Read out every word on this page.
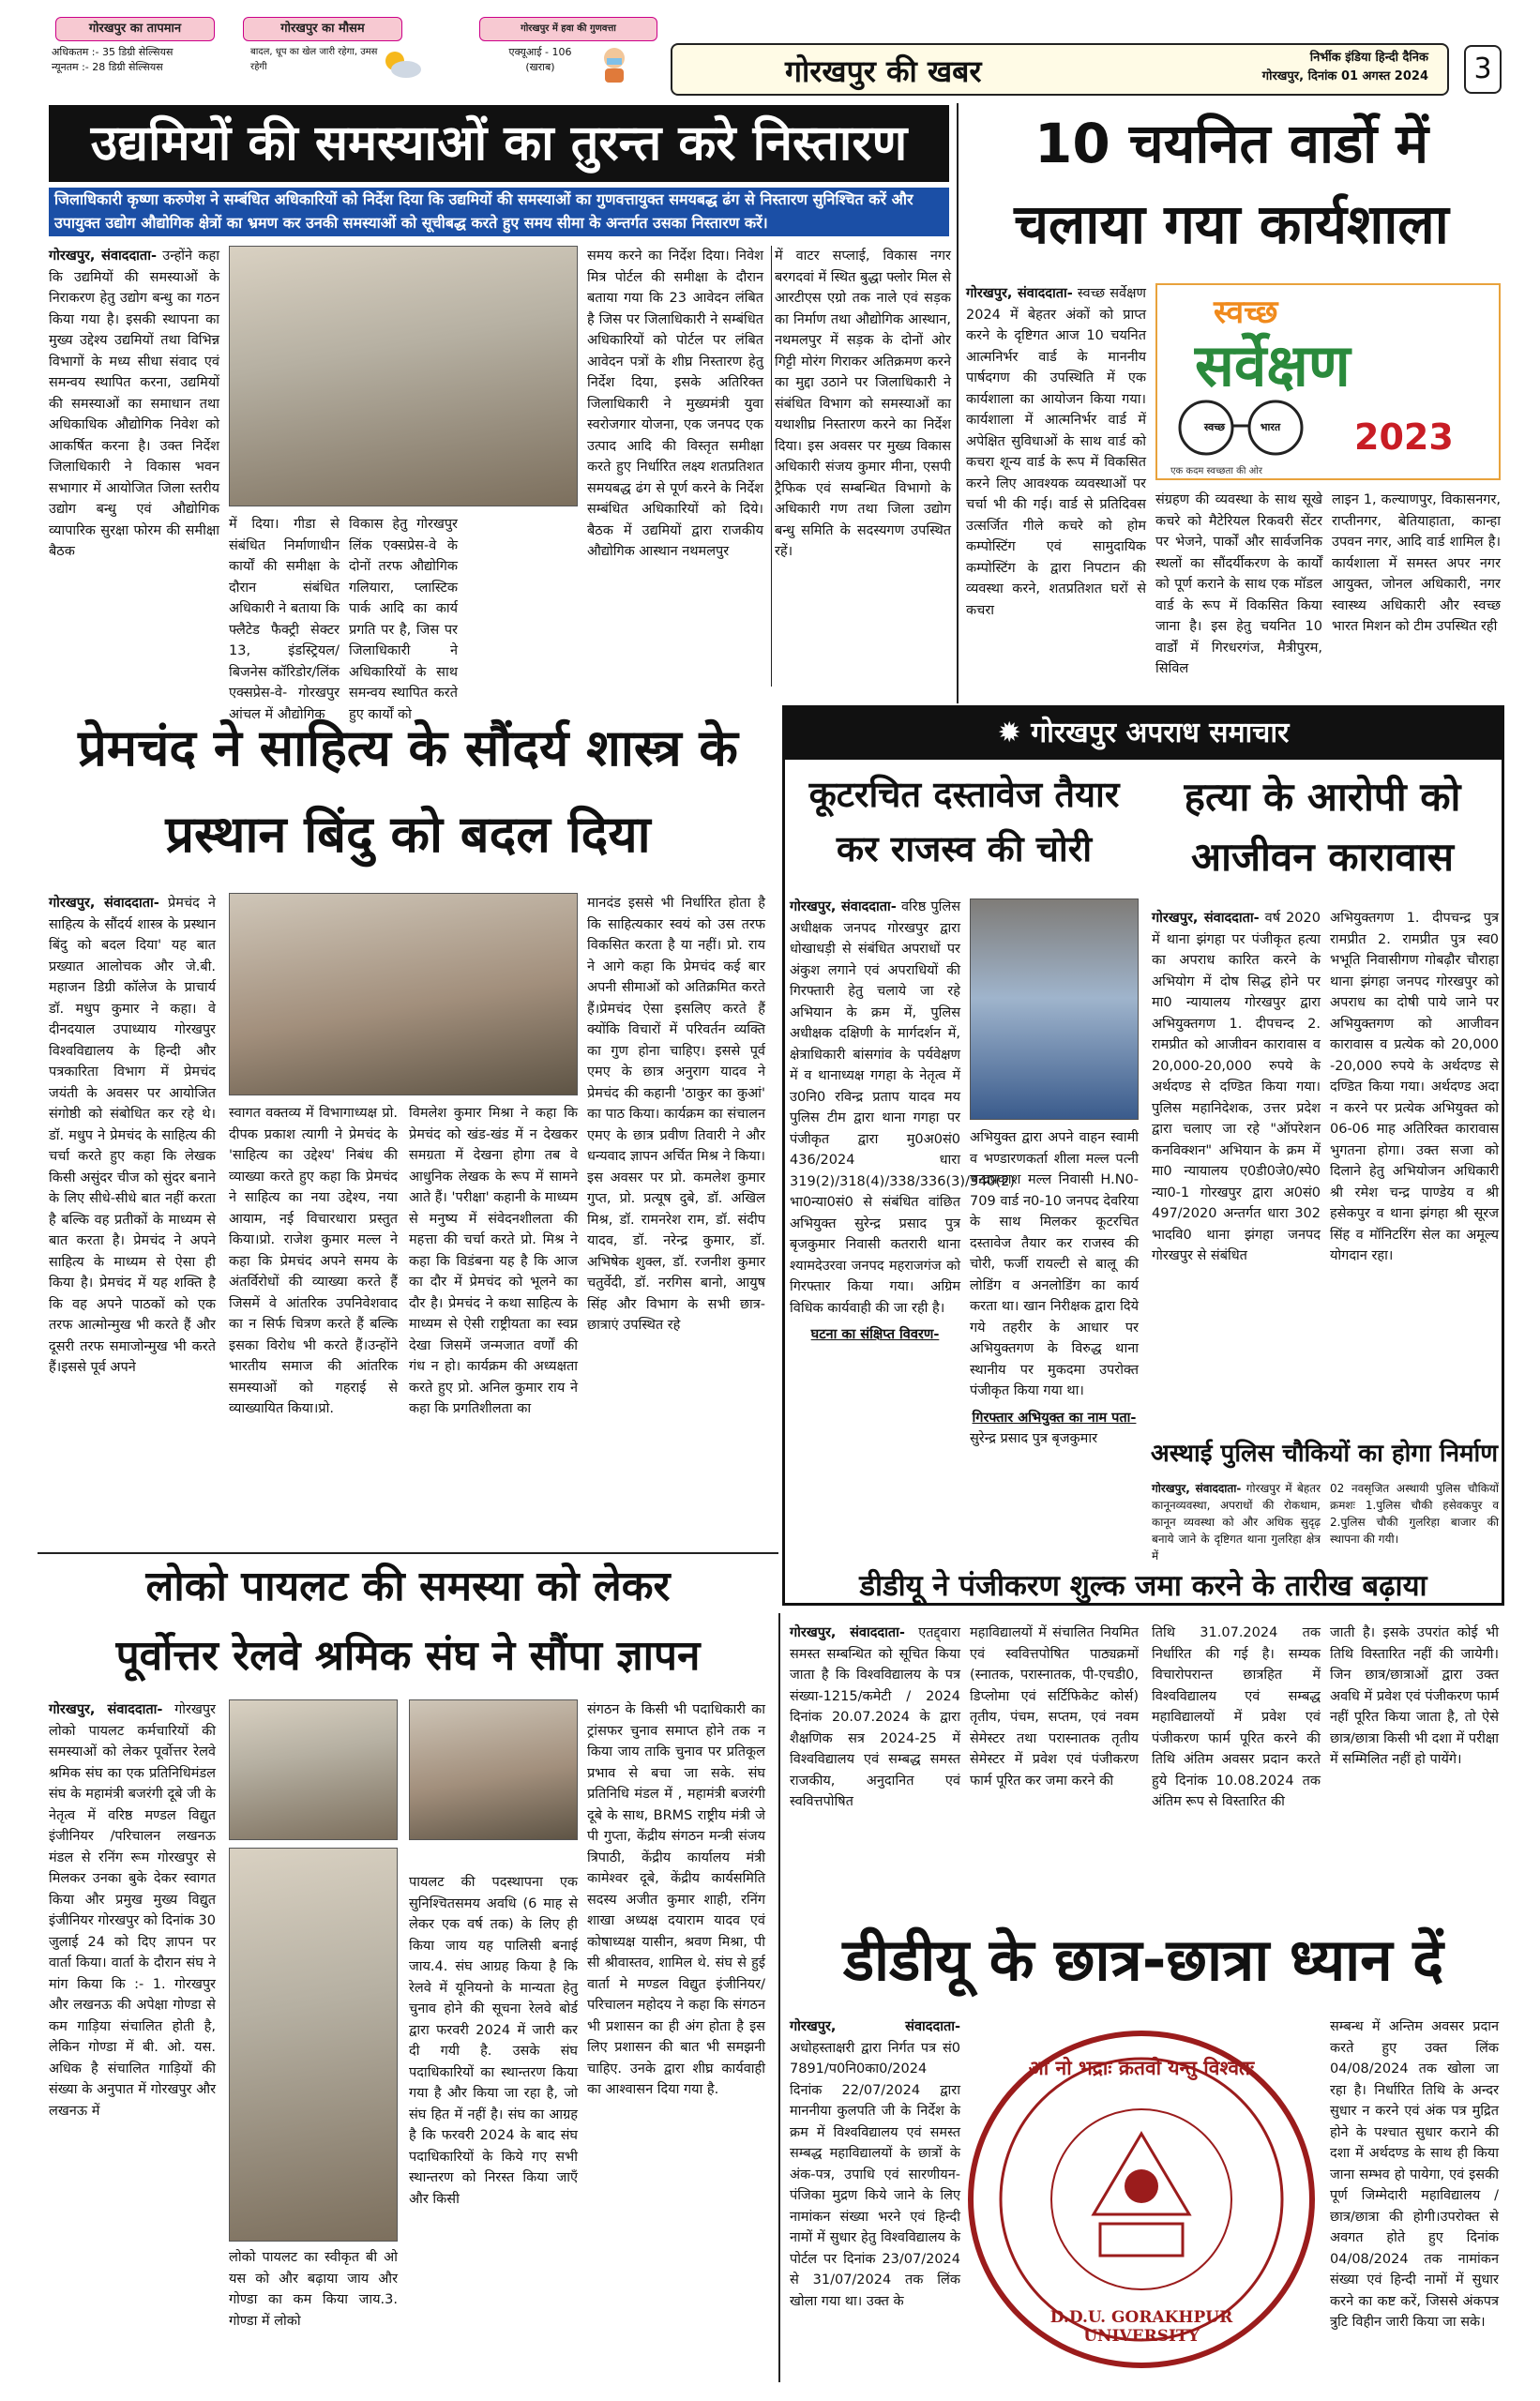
गोरखपुर का तापमान	गोरखपुर का मौसम	गोरखपुर में हवा की गुणवत्ता
अधिकतम :- 35 डिग्री सेल्सियस
न्यूनतम :- 28 डिग्री सेल्सियस
बादल, धूप का खेल जारी रहेगा, उमस रहेगी
एक्यूआई - 106
(खराब)	गोरखपुर की खबर	निर्भीक इंडिया हिन्दी दैनिक
गोरखपुर, दिनांक 01 अगस्त 2024	3
उद्यमियों की समस्याओं का तुरन्त करे निस्तारण
जिलाधिकारी कृष्णा करुणेश ने सम्बंधित अधिकारियों को निर्देश दिया कि उद्यमियों की समस्याओं का गुणवत्तायुक्त समयबद्ध ढंग से निस्तारण सुनिश्चित करें और उपायुक्त उद्योग औद्योगिक क्षेत्रों का भ्रमण कर उनकी समस्याओं को सूचीबद्ध करते हुए समय सीमा के अन्तर्गत उसका निस्तारण करें।
गोरखपुर, संवाददाता- उन्होंने कहा कि उद्यमियों की समस्याओं के निराकरण हेतु उद्योग बन्धु का गठन किया गया है। इसकी स्थापना का मुख्य उद्देश्य उद्यमियों तथा विभिन्न विभागों के मध्य सीधा संवाद एवं समन्वय स्थापित करना, उद्यमियों की समस्याओं का समाधान तथा अधिकाधिक औद्योगिक निवेश को आकर्षित करना है। उक्त निर्देश जिलाधिकारी ने विकास भवन सभागार में आयोजित जिला स्तरीय उद्योग बन्धु एवं औद्योगिक व्यापारिक सुरक्षा फोरम की समीक्षा बैठक
में दिया। गीडा से संबंधित निर्माणाधीन कार्यों की समीक्षा के दौरान संबंधित अधिकारी ने बताया कि फ्लैटेड फैक्ट्री सेक्टर 13, इंडस्ट्रियल/बिजनेस कॉरिडोर/लिंक एक्सप्रेस-वे- गोरखपुर आंचल में औद्योगिक
विकास हेतु गोरखपुर लिंक एक्सप्रेस-वे के दोनों तरफ औद्योगिक गलियारा, प्लास्टिक पार्क आदि का कार्य प्रगति पर है, जिस पर जिलाधिकारी ने अधिकारियों के साथ समन्वय स्थापित करते हुए कार्यों को
समय करने का निर्देश दिया। निवेश मित्र पोर्टल की समीक्षा के दौरान बताया गया कि 23 आवेदन लंबित है जिस पर जिलाधिकारी ने सम्बंधित अधिकारियों को पोर्टल पर लंबित आवेदन पत्रों के शीघ्र निस्तारण हेतु निर्देश दिया, इसके अतिरिक्त जिलाधिकारी ने मुख्यमंत्री युवा स्वरोजगार योजना, एक जनपद एक उत्पाद आदि की विस्तृत समीक्षा करते हुए निर्धारित लक्ष्य शतप्रतिशत समयबद्ध ढंग से पूर्ण करने के निर्देश सम्बंधित अधिकारियों को दिये। बैठक में उद्यमियों द्वारा राजकीय औद्योगिक आस्थान नथमलपुर
में वाटर सप्लाई, विकास नगर बरगदवां में स्थित बुद्धा फ्लोर मिल से आरटीएस एग्रो तक नाले एवं सड़क का निर्माण तथा औद्योगिक आस्थान, नथमलपुर में सड़क के दोनों ओर गिट्टी मोरंग गिराकर अतिक्रमण करने का मुद्दा उठाने पर जिलाधिकारी ने संबंधित विभाग को समस्याओं का यथाशीघ्र निस्तारण करने का निर्देश दिया। इस अवसर पर मुख्य विकास अधिकारी संजय कुमार मीना, एसपी ट्रैफिक एवं सम्बन्धित विभागो के अधिकारी गण तथा जिला उद्योग बन्धु समिति के सदस्यगण उपस्थित रहें।
10 चयनित वार्डो में चलाया गया कार्यशाला
गोरखपुर, संवाददाता- स्वच्छ सर्वेक्षण 2024 में बेहतर अंकों को प्राप्त करने के दृष्टिगत आज 10 चयनित आत्मनिर्भर वार्ड के माननीय पार्षदगण की उपस्थिति में एक कार्यशाला का आयोजन किया गया। कार्यशाला में आत्मनिर्भर वार्ड में अपेक्षित सुविधाओं के साथ वार्ड को कचरा शून्य वार्ड के रूप में विकसित करने लिए आवश्यक व्यवस्थाओं पर चर्चा भी की गई। वार्ड से प्रतिदिवस उत्सर्जित गीले कचरे को होम कम्पोस्टिंग एवं सामुदायिक कम्पोस्टिंग के द्वारा निपटान की व्यवस्था करने, शतप्रतिशत घरों से कचरा
स्वच्छ
सर्वेक्षण
स्वच्छ भारत	2023
एक कदम स्वच्छता की ओर
संग्रहण की व्यवस्था के साथ सूखे कचरे को मैटेरियल रिकवरी सेंटर पर भेजने, पार्कों और सार्वजनिक स्थलों का सौंदर्यीकरण के कार्यों को पूर्ण कराने के साथ एक मॉडल वार्ड के रूप में विकसित किया जाना है। इस हेतु चयनित 10 वार्डों में गिरधरगंज, मैत्रीपुरम, सिविल
लाइन 1, कल्याणपुर, विकासनगर, राप्तीनगर, बेतियाहाता, कान्हा उपवन नगर, आदि वार्ड शामिल है। कार्यशाला में समस्त अपर नगर आयुक्त, जोनल अधिकारी, नगर स्वास्थ्य अधिकारी और स्वच्छ भारत मिशन को टीम उपस्थित रही
प्रेमचंद ने साहित्य के सौंदर्य शास्त्र के प्रस्थान बिंदु को बदल दिया
गोरखपुर, संवाददाता- प्रेमचंद ने साहित्य के सौंदर्य शास्त्र के प्रस्थान बिंदु को बदल दिया' यह बात प्रख्यात आलोचक और जे.बी. महाजन डिग्री कॉलेज के प्राचार्य डॉ. मधुप कुमार ने कहा। वे दीनदयाल उपाध्याय गोरखपुर विश्वविद्यालय के हिन्दी और पत्रकारिता विभाग में प्रेमचंद जयंती के अवसर पर आयोजित संगोष्ठी को संबोधित कर रहे थे। डॉ. मधुप ने प्रेमचंद के साहित्य की चर्चा करते हुए कहा कि लेखक किसी असुंदर चीज को सुंदर बनाने के लिए सीधे-सीधे बात नहीं करता है बल्कि वह प्रतीकों के माध्यम से बात करता है। प्रेमचंद ने अपने साहित्य के माध्यम से ऐसा ही किया है। प्रेमचंद में यह शक्ति है कि वह अपने पाठकों को एक तरफ आत्मोन्मुख भी करते हैं और दूसरी तरफ समाजोन्मुख भी करते हैं।इससे पूर्व अपने
स्वागत वक्तव्य में विभागाध्यक्ष प्रो. दीपक प्रकाश त्यागी ने प्रेमचंद के 'साहित्य का उद्देश्य' निबंध की व्याख्या करते हुए कहा कि प्रेमचंद ने साहित्य का नया उद्देश्य, नया आयाम, नई विचारधारा प्रस्तुत किया।प्रो. राजेश कुमार मल्ल ने कहा कि प्रेमचंद अपने समय के अंतर्विरोधों की व्याख्या करते हैं जिसमें वे आंतरिक उपनिवेशवाद का न सिर्फ चित्रण करते हैं बल्कि इसका विरोध भी करते हैं।उन्होंने भारतीय समाज की आंतरिक समस्याओं को गहराई से व्याख्यायित किया।प्रो.
विमलेश कुमार मिश्रा ने कहा कि प्रेमचंद को खंड-खंड में न देखकर समग्रता में देखना होगा तब वे आधुनिक लेखक के रूप में सामने आते हैं। 'परीक्षा' कहानी के माध्यम से मनुष्य में संवेदनशीलता की महत्ता की चर्चा करते प्रो. मिश्र ने कहा कि विडंबना यह है कि आज का दौर में प्रेमचंद को भूलने का दौर है। प्रेमचंद ने कथा साहित्य के माध्यम से ऐसी राष्ट्रीयता का स्वप्न देखा जिसमें जन्मजात वर्णों की गंध न हो। कार्यक्रम की अध्यक्षता करते हुए प्रो. अनिल कुमार राय ने कहा कि प्रगतिशीलता का
मानदंड इससे भी निर्धारित होता है कि साहित्यकार स्वयं को उस तरफ विकसित करता है या नहीं। प्रो. राय ने आगे कहा कि प्रेमचंद कई बार अपनी सीमाओं को अतिक्रमित करते हैं।प्रेमचंद ऐसा इसलिए करते हैं क्योंकि विचारों में परिवर्तन व्यक्ति का गुण होना चाहिए। इससे पूर्व एमए के छात्र अनुराग यादव ने प्रेमचंद की कहानी 'ठाकुर का कुआं' का पाठ किया। कार्यक्रम का संचालन एमए के छात्र प्रवीण तिवारी ने और धन्यवाद ज्ञापन अर्चित मिश्र ने किया। इस अवसर पर प्रो. कमलेश कुमार गुप्त, प्रो. प्रत्यूष दुबे, डॉ. अखिल मिश्र, डॉ. रामनरेश राम, डॉ. संदीप यादव, डॉ. नरेन्द्र कुमार, डॉ. अभिषेक शुक्ल, डॉ. रजनीश कुमार चतुर्वेदी, डॉ. नरगिस बानो, आयुष सिंह और विभाग के सभी छात्र-छात्राएं उपस्थित रहे
✹ गोरखपुर अपराध समाचार
कूटरचित दस्तावेज तैयार कर राजस्व की चोरी
गोरखपुर, संवाददाता- वरिष्ठ पुलिस अधीक्षक जनपद गोरखपुर द्वारा धोखाधड़ी से संबंधित अपराधों पर अंकुश लगाने एवं अपराधियों की गिरफ्तारी हेतु चलाये जा रहे अभियान के क्रम में, पुलिस अधीक्षक दक्षिणी के मार्गदर्शन में, क्षेत्राधिकारी बांसगांव के पर्यवेक्षण में व थानाध्यक्ष गगहा के नेतृत्व में उ0नि0 रविन्द्र प्रताप यादव मय पुलिस टीम द्वारा थाना गगहा पर पंजीकृत द्वारा मु0अ0सं0 436/2024 धारा 319(2)/318(4)/338/336(3)/340(2) भा0न्या0सं0 से संबंधित वांछित अभियुक्त सुरेन्द्र प्रसाद पुत्र बृजकुमार निवासी कतरारी थाना श्यामदेउरवा जनपद महराजगंज को गिरफ्तार किया गया। अग्रिम विधिक कार्यवाही की जा रही है।
घटना का संक्षिप्त विवरण-
अभियुक्त द्वारा अपने वाहन स्वामी व भण्डारणकर्ता शीला मल्ल पत्नी चन्द्रप्रकाश मल्ल निवासी H.N0-709 वार्ड न0-10 जनपद देवरिया के साथ मिलकर कूटरचित दस्तावेज तैयार कर राजस्व की चोरी, फर्जी रायल्टी से बालू की लोडिंग व अनलोडिंग का कार्य करता था। खान निरीक्षक द्वारा दिये गये तहरीर के आधार पर अभियुक्तगण के विरुद्ध थाना स्थानीय पर मुकदमा उपरोक्त पंजीकृत किया गया था।
गिरफ्तार अभियुक्त का नाम पता-
सुरेन्द्र प्रसाद पुत्र बृजकुमार
हत्या के आरोपी को आजीवन कारावास
गोरखपुर, संवाददाता- वर्ष 2020 में थाना झंगहा पर पंजीकृत हत्या का अपराध कारित करने के अभियोग में दोष सिद्ध होने पर मा0 न्यायालय गोरखपुर द्वारा अभियुक्तगण 1. दीपचन्द 2. रामप्रीत को आजीवन कारावास व 20,000-20,000 रुपये के अर्थदण्ड से दण्डित किया गया। पुलिस महानिदेशक, उत्तर प्रदेश द्वारा चलाए जा रहे "ऑपरेशन कनविक्शन" अभियान के क्रम में मा0 न्यायालय ए0डी0जे0/स्पे0 न्या0-1 गोरखपुर द्वारा अ0सं0 497/2020 अन्तर्गत धारा 302 भादवि0 थाना झंगहा जनपद गोरखपुर से संबंधित
अभियुक्तगण 1. दीपचन्द्र पुत्र रामप्रीत 2. रामप्रीत पुत्र स्व0 भभूति निवासीगण गोबढ़ौर चौराहा थाना झंगहा जनपद गोरखपुर को अपराध का दोषी पाये जाने पर अभियुक्तगण को आजीवन कारावास व प्रत्येक को 20,000 -20,000 रुपये के अर्थदण्ड से दण्डित किया गया। अर्थदण्ड अदा न करने पर प्रत्येक अभियुक्त को 06-06 माह अतिरिक्त कारावास भुगतना होगा। उक्त सजा को दिलाने हेतु अभियोजन अधिकारी श्री रमेश चन्द्र पाण्डेय व श्री हसेकपुर व थाना झंगहा श्री सूरज सिंह व मॉनिटरिंग सेल का अमूल्य योगदान रहा।
अस्थाई पुलिस चौकियों का होगा निर्माण
गोरखपुर, संवाददाता- गोरखपुर में बेहतर कानूनव्यवस्था, अपराधों की रोकथाम, कानून व्यवस्था को और अधिक सुदृढ़ बनाये जाने के दृष्टिगत थाना गुलरिहा क्षेत्र में
02 नवसृजित अस्थायी पुलिस चौकियों क्रमशः 1.पुलिस चौकी हसेवकपुर व 2.पुलिस चौकी गुलरिहा बाजार की स्थापना की गयी।
लोको पायलट की समस्या को लेकर
पूर्वोत्तर रेलवे श्रमिक संघ ने सौंपा ज्ञापन
गोरखपुर, संवाददाता- गोरखपुर लोको पायलट कर्मचारियों की समस्याओं को लेकर पूर्वोत्तर रेलवे श्रमिक संघ का एक प्रतिनिधिमंडल संघ के महामंत्री बजरंगी दूबे जी के नेतृत्व में वरिष्ठ मण्डल विद्युत इंजीनियर /परिचालन लखनऊ मंडल से रनिंग रूम गोरखपुर से मिलकर उनका बुके देकर स्वागत किया और प्रमुख मुख्य विद्युत इंजीनियर गोरखपुर को दिनांक 30 जुलाई 24 को दिए ज्ञापन पर वार्ता किया। वार्ता के दौरान संघ ने मांग किया कि :- 1. गोरखपुर और लखनऊ की अपेक्षा गोण्डा से कम गाड़िया संचालित होती है, लेकिन गोण्डा में बी. ओ. यस. अधिक है संचालित गाड़ियों की संख्या के अनुपात में गोरखपुर और लखनऊ में
लोको पायलट का स्वीकृत बी ओ यस को और बढ़ाया जाय और गोण्डा का कम किया जाय.3. गोण्डा में लोको
पायलट की पदस्थापना एक सुनिश्चितसमय अवधि (6 माह से लेकर एक वर्ष तक) के लिए ही किया जाय यह पालिसी बनाई जाय.4. संघ आग्रह किया है कि रेलवे में यूनियनो के मान्यता हेतु चुनाव होने की सूचना रेलवे बोर्ड द्वारा फरवरी 2024 में जारी कर दी गयी है. उसके संघ पदाधिकारियों का स्थान्तरण किया गया है और किया जा रहा है, जो संघ हित में नहीं है। संघ का आग्रह है कि फरवरी 2024 के बाद संघ पदाधिकारियों के किये गए सभी स्थान्तरण को निरस्त किया जाएँ और किसी
संगठन के किसी भी पदाधिकारी का ट्रांसफर चुनाव समाप्त होने तक न किया जाय ताकि चुनाव पर प्रतिकूल प्रभाव से बचा जा सके. संघ प्रतिनिधि मंडल में , महामंत्री बजरंगी दूबे के साथ, BRMS राष्ट्रीय मंत्री जे पी गुप्ता, केंद्रीय संगठन मन्त्री संजय त्रिपाठी, केंद्रीय कार्यालय मंत्री कामेश्वर दूबे, केंद्रीय कार्यसमिति सदस्य अजीत कुमार शाही, रनिंग शाखा अध्यक्ष दयाराम यादव एवं कोषाध्यक्ष यासीन, श्रवण मिश्रा, पी सी श्रीवास्तव, शामिल थे. संघ से हुई वार्ता मे मण्डल विद्युत इंजीनियर/परिचालन महोदय ने कहा कि संगठन भी प्रशासन का ही अंग होता है इस लिए प्रशासन की बात भी समझनी चाहिए. उनके द्वारा शीघ्र कार्यवाही का आश्वासन दिया गया है.
डीडीयू ने पंजीकरण शुल्क जमा करने के तारीख बढ़ाया
गोरखपुर, संवाददाता- एतद्द्वारा समस्त सम्बन्धित को सूचित किया जाता है कि विश्वविद्यालय के पत्र संख्या-1215/कमेटी / 2024 दिनांक 20.07.2024 के द्वारा शैक्षणिक सत्र 2024-25 में विश्वविद्यालय एवं सम्बद्ध समस्त राजकीय, अनुदानित एवं स्ववित्तपोषित
महाविद्यालयों में संचालित नियमित एवं स्ववित्तपोषित पाठ्यक्रमों (स्नातक, परास्नातक, पी-एचडी0, डिप्लोमा एवं सर्टिफिकेट कोर्स) तृतीय, पंचम, सप्तम, एवं नवम सेमेस्टर तथा परास्नातक तृतीय सेमेस्टर में प्रवेश एवं पंजीकरण फार्म पूरित कर जमा करने की
तिथि 31.07.2024 तक निर्धारित की गई है। सम्यक विचारोपरान्त छात्रहित में विश्वविद्यालय एवं सम्बद्ध महाविद्यालयों में प्रवेश एवं पंजीकरण फार्म पूरित करने की तिथि अंतिम अवसर प्रदान करते हुये दिनांक 10.08.2024 तक अंतिम रूप से विस्तारित की
जाती है। इसके उपरांत कोई भी तिथि विस्तारित नहीं की जायेगी। जिन छात्र/छात्राओं द्वारा उक्त अवधि में प्रवेश एवं पंजीकरण फार्म नहीं पूरित किया जाता है, तो ऐसे छात्र/छात्रा किसी भी दशा में परीक्षा में सम्मिलित नहीं हो पायेंगे।
डीडीयू के छात्र-छात्रा ध्यान दें
गोरखपुर, संवाददाता- अधोहस्ताक्षरी द्वारा निर्गत पत्र सं0 7891/प0नि0का0/2024 दिनांक 22/07/2024 द्वारा माननीया कुलपति जी के निर्देश के क्रम में विश्वविद्यालय एवं समस्त सम्बद्ध महाविद्यालयों के छात्रों के अंक-पत्र, उपाधि एवं सारणीयन-पंजिका मुद्रण किये जाने के लिए नामांकन संख्या भरने एवं हिन्दी नामों में सुधार हेतु विश्वविद्यालय के पोर्टल पर दिनांक 23/07/2024 से 31/07/2024 तक लिंक खोला गया था। उक्त के
आ नो भद्राः क्रतवो यन्तु विश्वतः
D.D.U. GORAKHPUR UNIVERSITY
सम्बन्ध में अन्तिम अवसर प्रदान करते हुए उक्त लिंक 04/08/2024 तक खोला जा रहा है। निर्धारित तिथि के अन्दर सुधार न करने एवं अंक पत्र मुद्रित होने के पश्चात सुधार कराने की दशा में अर्थदण्ड के साथ ही किया जाना सम्भव हो पायेगा, एवं इसकी पूर्ण जिम्मेदारी महाविद्यालय / छात्र/छात्रा की होगी।उपरोक्त से अवगत होते हुए दिनांक 04/08/2024 तक नामांकन संख्या एवं हिन्दी नामों में सुधार करने का कष्ट करें, जिससे अंकपत्र त्रुटि विहीन जारी किया जा सके।
